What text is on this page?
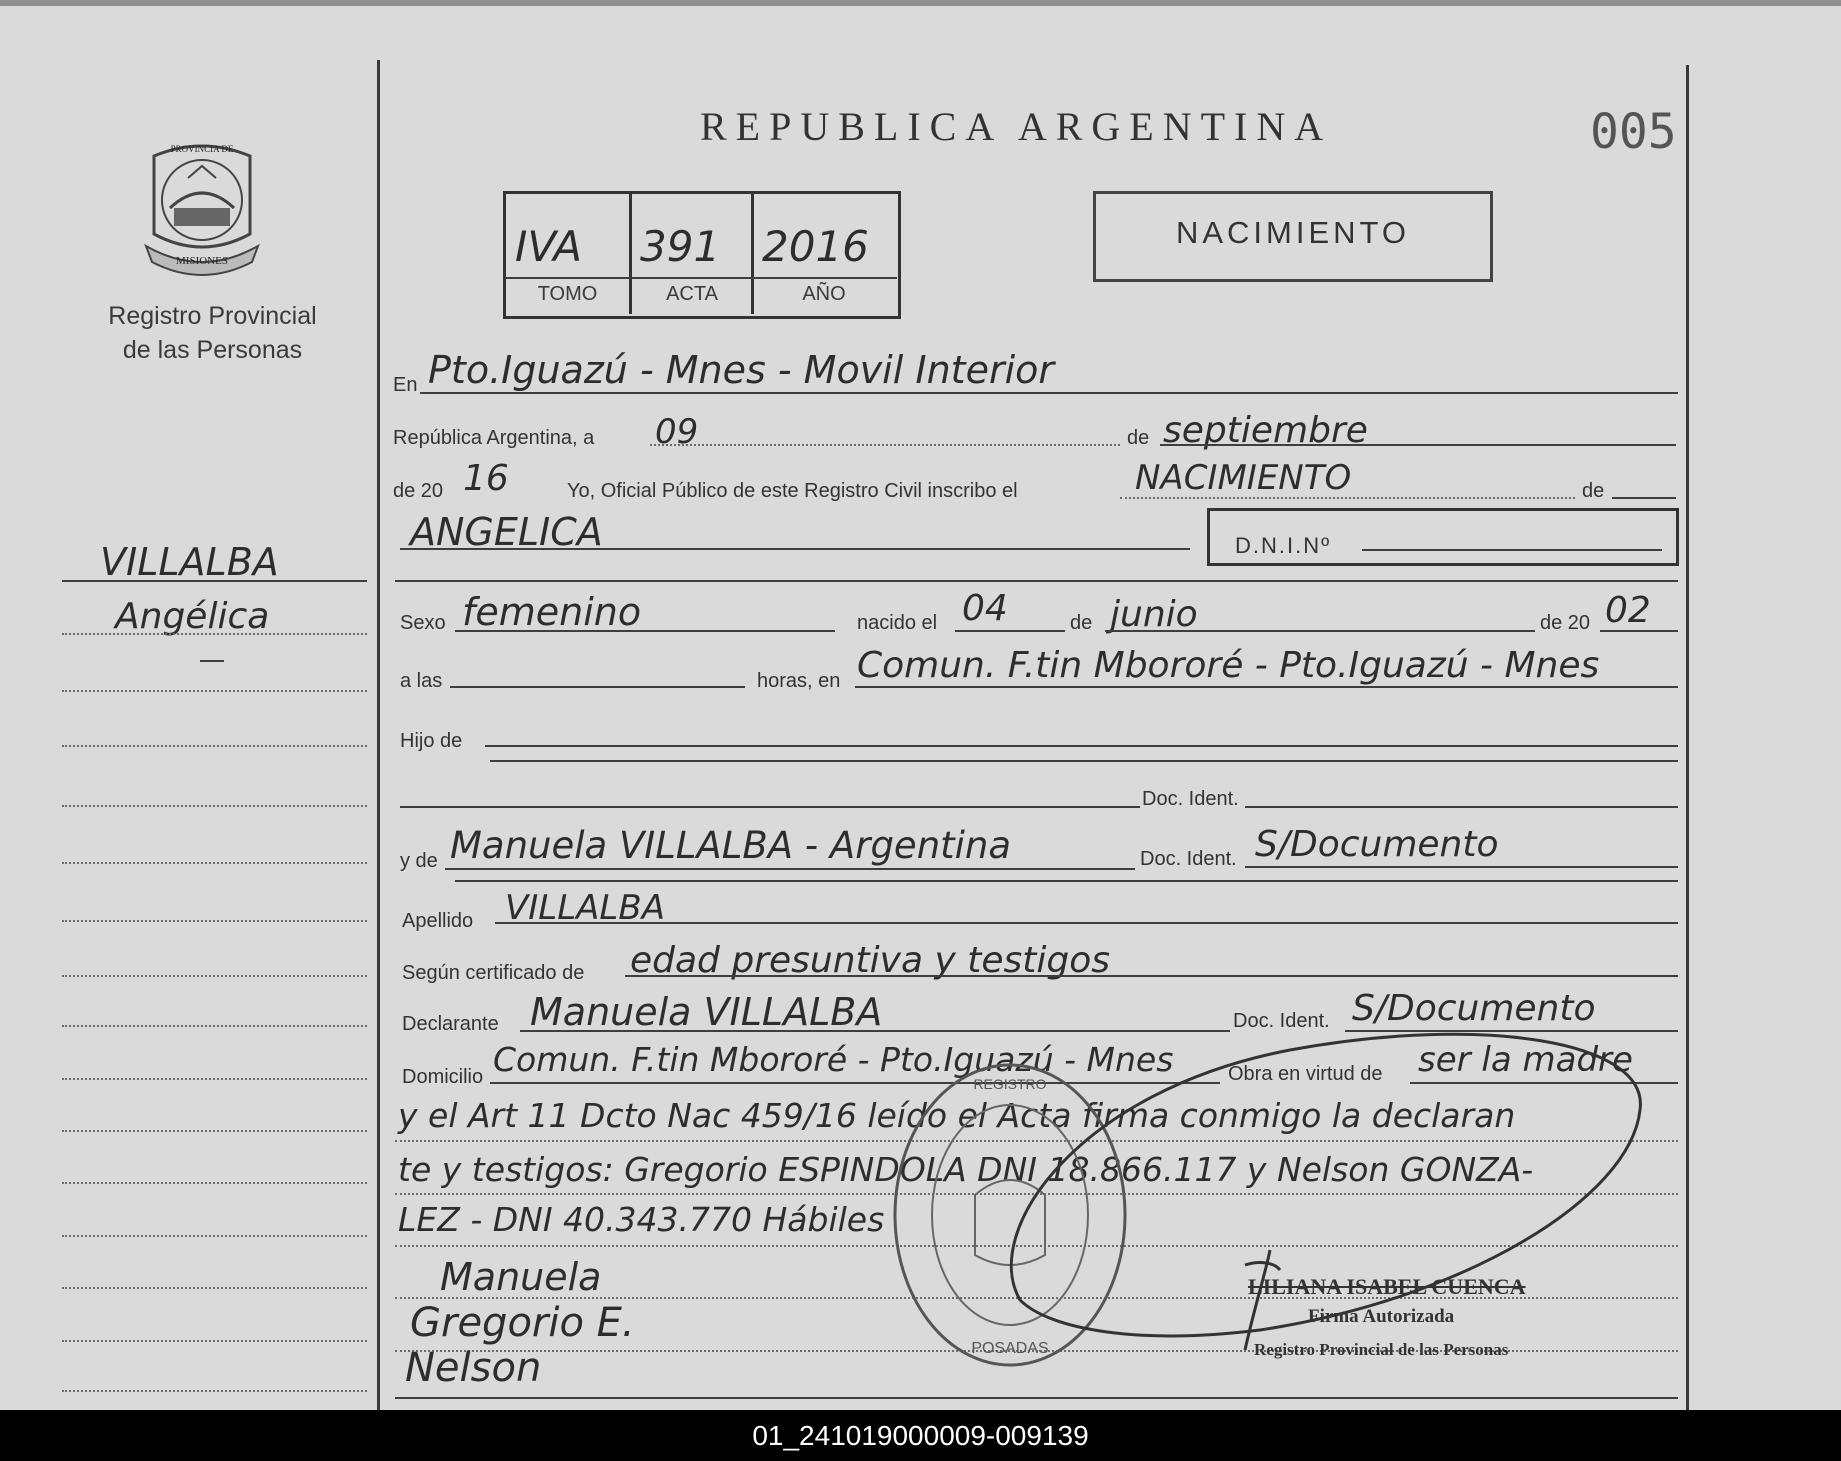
MISIONES
PROVINCIA DE
Registro Provincial
de las Personas
VILLALBA
Angélica
REPUBLICA ARGENTINA	005
IVA 391 2016
TOMO	ACTA	AÑO
NACIMIENTO
En Pto.Iguazú - Mnes - Movil Interior
República Argentina, a 09	de septiembre
de 20 16	Yo, Oficial Público de este Registro Civil inscribo el	NACIMIENTO	de
ANGELICA	D.N.I.Nº
Sexo femenino	nacido el 04	de junio	de 20 02
a las	horas, en Comun. F.tin Mbororé - Pto.Iguazú - Mnes
Hijo de
Doc. Ident.
y de Manuela VILLALBA - Argentina	Doc. Ident. S/Documento
Apellido VILLALBA
Según certificado de edad presuntiva y testigos
Declarante Manuela VILLALBA	Doc. Ident. S/Documento
Domicilio Comun. F.tin Mbororé - Pto.Iguazú - Mnes	Obra en virtud de ser la madre
y el Art 11 Dcto Nac 459/16 leído el Acta firma conmigo la declaran
te y testigos: Gregorio ESPINDOLA DNI 18.866.117 y Nelson GONZA-
LEZ - DNI 40.343.770 Hábiles
Manuela
Gregorio E.
Nelson	POSADAS
REGISTRO
LILIANA ISABEL CUENCA
Firma Autorizada
Registro Provincial de las Personas
01_241019000009-009139
